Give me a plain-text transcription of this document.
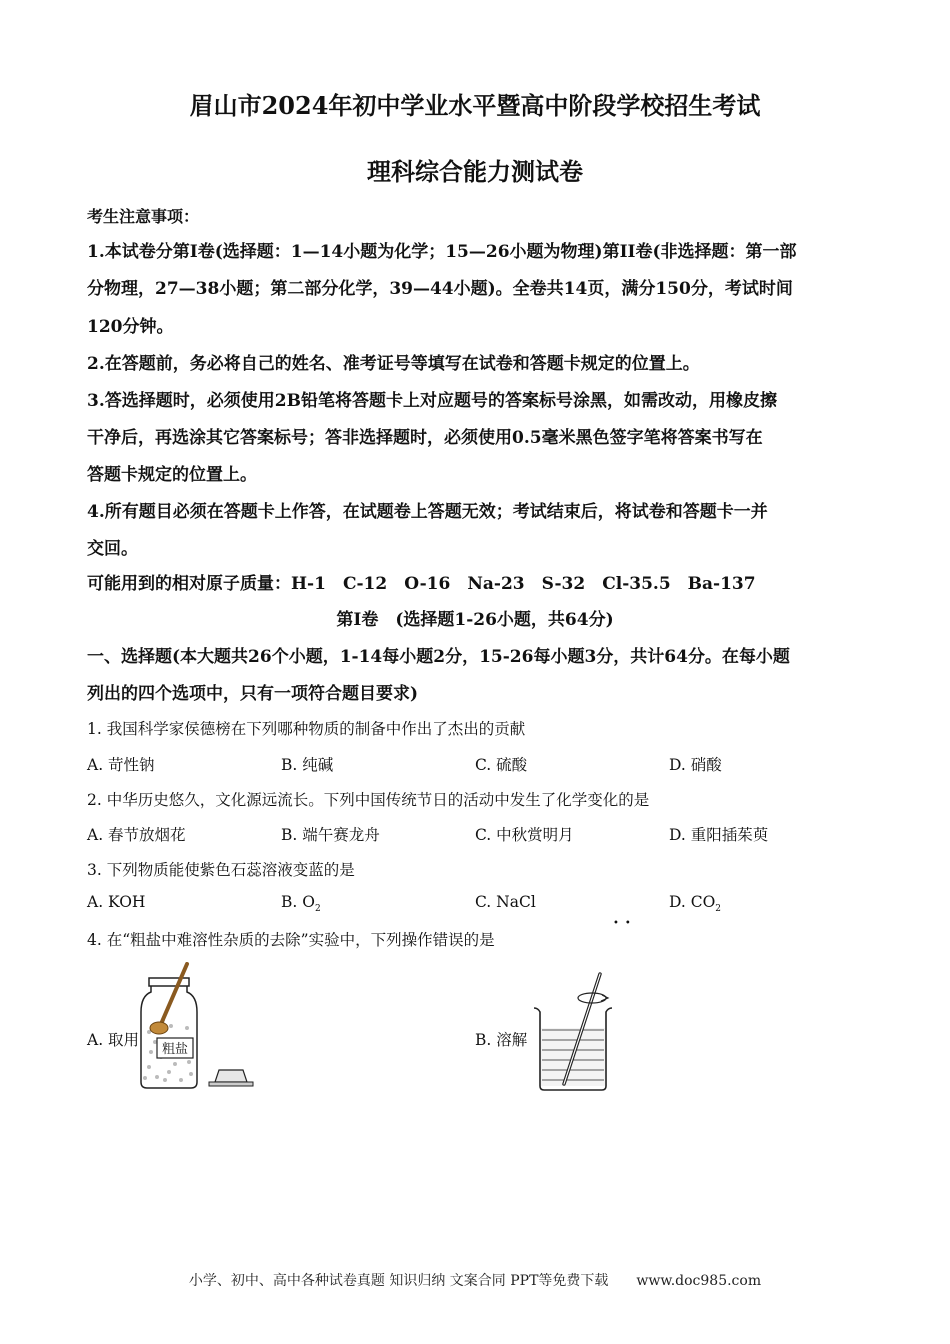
眉山市2024年初中学业水平暨高中阶段学校招生考试
理科综合能力测试卷
考生注意事项：
1.本试卷分第I卷(选择题：1—14小题为化学；15—26小题为物理)第II卷(非选择题：第一部
分物理，27—38小题；第二部分化学，39—44小题)。全卷共14页，满分150分，考试时间
120分钟。
2.在答题前，务必将自己的姓名、准考证号等填写在试卷和答题卡规定的位置上。
3.答选择题时，必须使用2B铅笔将答题卡上对应题号的答案标号涂黑，如需改动，用橡皮擦
干净后，再选涂其它答案标号；答非选择题时，必须使用0.5毫米黑色签字笔将答案书写在
答题卡规定的位置上。
4.所有题目必须在答题卡上作答，在试题卷上答题无效；考试结束后，将试卷和答题卡一并
交回。
可能用到的相对原子质量：H-1　C-12　O-16　Na-23　S-32　Cl-35.5　Ba-137
第I卷　(选择题1-26小题，共64分)
一、选择题(本大题共26个小题，1-14每小题2分，15-26每小题3分，共计64分。在每小题
列出的四个选项中，只有一项符合题目要求)
1. 我国科学家侯德榜在下列哪种物质的制备中作出了杰出的贡献
A. 苛性钠	B. 纯碱	C. 硫酸	D. 硝酸
2. 中华历史悠久，文化源远流长。下列中国传统节日的活动中发生了化学变化的是
A. 春节放烟花	B. 端午赛龙舟	C. 中秋赏明月	D. 重阳插茱萸
3. 下列物质能使紫色石蕊溶液变蓝的是
A. KOH	B. $O_2$	C. NaCl	D. $CO_2$
4. 在“粗盐中难溶性杂质的去除”实验中，下列操作错误的是
••
A. 取用	B. 溶解
粗盐
小学、初中、高中各种试卷真题 知识归纳 文案合同 PPT等免费下载　　www.doc985.com
